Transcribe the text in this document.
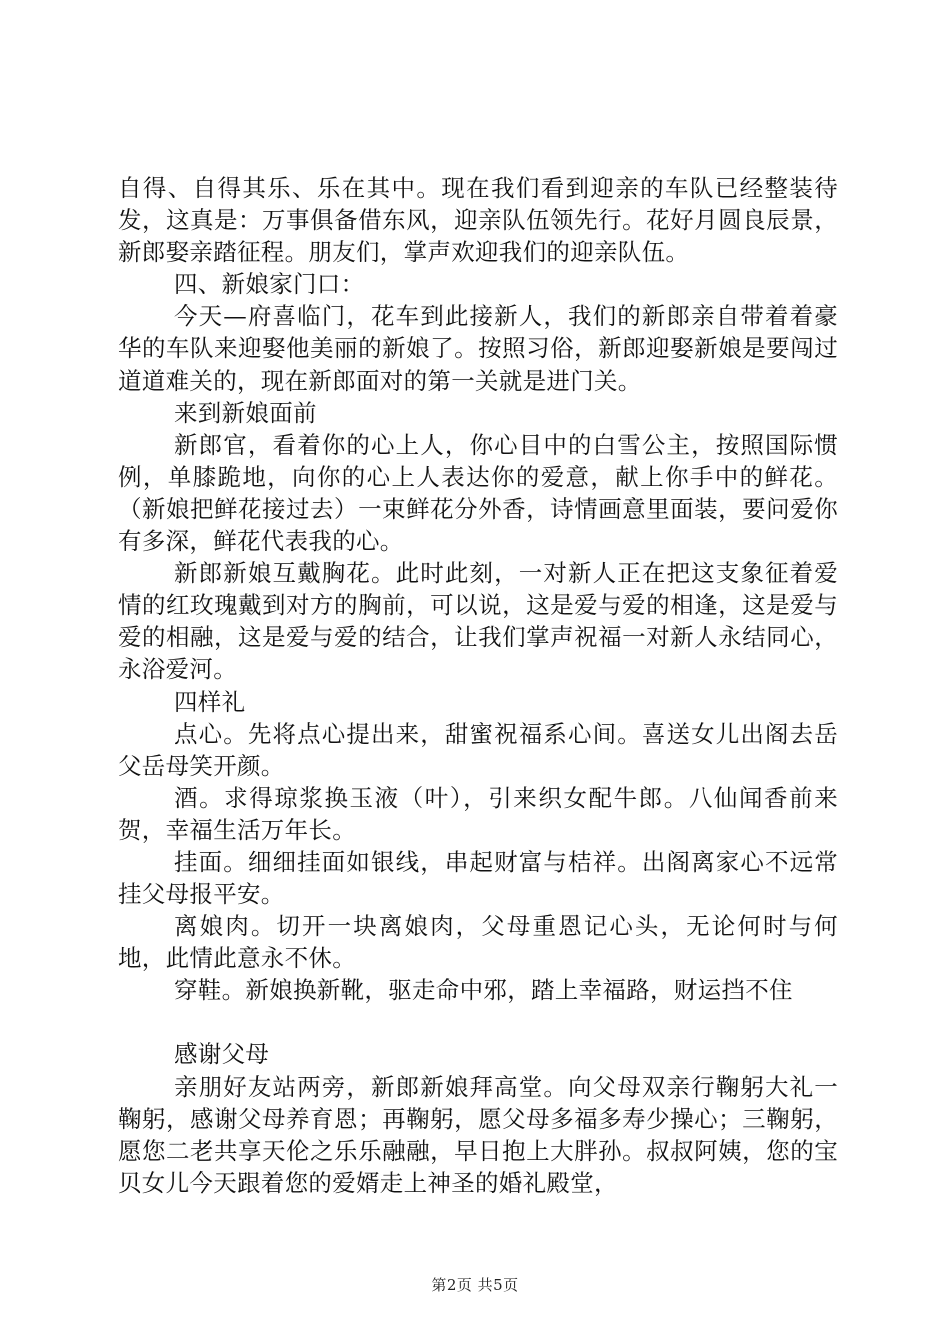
自得、自得其乐、乐在其中。现在我们看到迎亲的车队已经整装待发，这真是：万事俱备借东风，迎亲队伍领先行。花好月圆良辰景，新郎娶亲踏征程。朋友们，掌声欢迎我们的迎亲队伍。

四、新娘家门口：

今天—府喜临门，花车到此接新人，我们的新郎亲自带着着豪华的车队来迎娶他美丽的新娘了。按照习俗，新郎迎娶新娘是要闯过道道难关的，现在新郎面对的第一关就是进门关。

来到新娘面前

新郎官，看着你的心上人，你心目中的白雪公主，按照国际惯例，单膝跪地，向你的心上人表达你的爱意，献上你手中的鲜花。（新娘把鲜花接过去）一束鲜花分外香，诗情画意里面装，要问爱你有多深，鲜花代表我的心。

新郎新娘互戴胸花。此时此刻，一对新人正在把这支象征着爱情的红玫瑰戴到对方的胸前，可以说，这是爱与爱的相逢，这是爱与爱的相融，这是爱与爱的结合，让我们掌声祝福一对新人永结同心，永浴爱河。

四样礼

点心。先将点心提出来，甜蜜祝福系心间。喜送女儿出阁去岳父岳母笑开颜。

酒。求得琼浆换玉液（叶），引来织女配牛郎。八仙闻香前来贺，幸福生活万年长。

挂面。细细挂面如银线，串起财富与桔祥。出阁离家心不远常挂父母报平安。

离娘肉。切开一块离娘肉，父母重恩记心头，无论何时与何地，此情此意永不休。

穿鞋。新娘换新靴，驱走命中邪，踏上幸福路，财运挡不住

感谢父母

亲朋好友站两旁，新郎新娘拜高堂。向父母双亲行鞠躬大礼一鞠躬，感谢父母养育恩；再鞠躬，愿父母多福多寿少操心；三鞠躬，愿您二老共享天伦之乐乐融融，早日抱上大胖孙。叔叔阿姨，您的宝贝女儿今天跟着您的爱婿走上神圣的婚礼殿堂，

第2页 共5页
